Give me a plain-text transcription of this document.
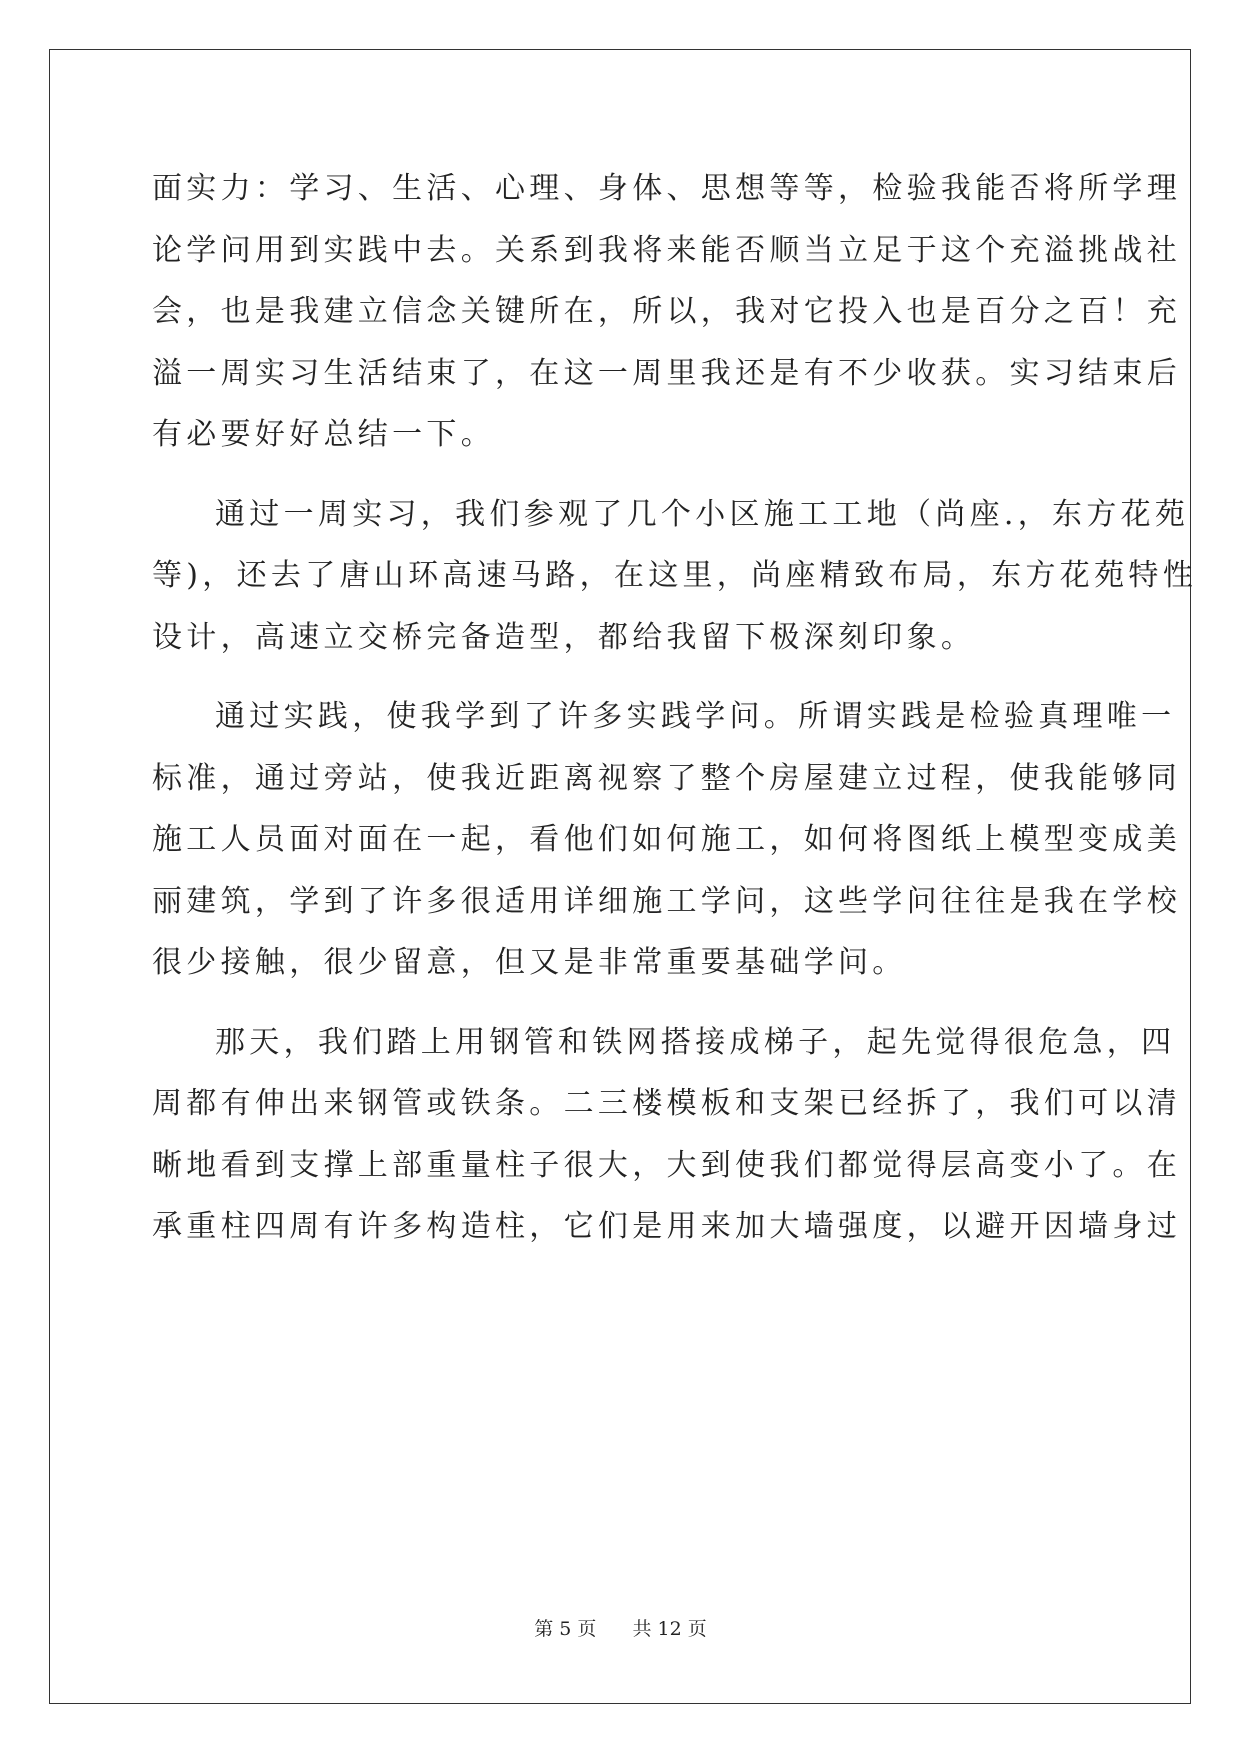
面实力：学习、生活、心理、身体、思想等等，检验我能否将所学理
论学问用到实践中去。关系到我将来能否顺当立足于这个充溢挑战社
会，也是我建立信念关键所在，所以，我对它投入也是百分之百！充
溢一周实习生活结束了，在这一周里我还是有不少收获。实习结束后
有必要好好总结一下。
通过一周实习，我们参观了几个小区施工工地（尚座.，东方花苑
等)，还去了唐山环高速马路，在这里，尚座精致布局，东方花苑特性
设计，高速立交桥完备造型，都给我留下极深刻印象。
通过实践，使我学到了许多实践学问。所谓实践是检验真理唯一
标准，通过旁站，使我近距离视察了整个房屋建立过程，使我能够同
施工人员面对面在一起，看他们如何施工，如何将图纸上模型变成美
丽建筑，学到了许多很适用详细施工学问，这些学问往往是我在学校
很少接触，很少留意，但又是非常重要基础学问。
那天，我们踏上用钢管和铁网搭接成梯子，起先觉得很危急，四
周都有伸出来钢管或铁条。二三楼模板和支架已经拆了，我们可以清
晰地看到支撑上部重量柱子很大，大到使我们都觉得层高变小了。在
承重柱四周有许多构造柱，它们是用来加大墙强度，以避开因墙身过
第 5 页 共 12 页
